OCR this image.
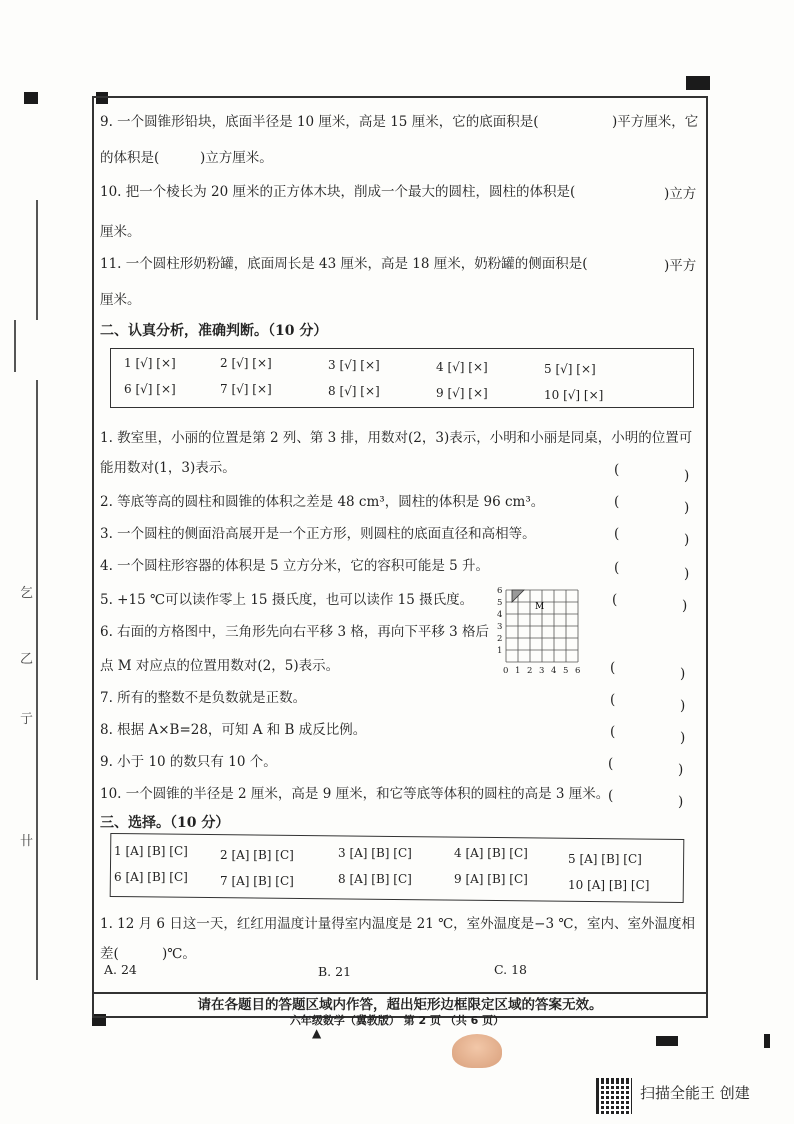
乞
乙
亍
卄
9. 一个圆锥形铅块，底面半径是 10 厘米，高是 15 厘米，它的底面积是(	)平方厘米，它
的体积是(	)立方厘米。
10. 把一个棱长为 20 厘米的正方体木块，削成一个最大的圆柱，圆柱的体积是(	)立方
厘米。
11. 一个圆柱形奶粉罐，底面周长是 43 厘米，高是 18 厘米，奶粉罐的侧面积是(	)平方
厘米。
二、认真分析，准确判断。（10 分）
1 [√] [×]	2 [√] [×]	3 [√] [×]	4 [√] [×]	5 [√] [×]
6 [√] [×]	7 [√] [×]	8 [√] [×]	9 [√] [×]	10 [√] [×]
1. 教室里，小丽的位置是第 2 列、第 3 排，用数对(2，3)表示，小明和小丽是同桌，小明的位置可
能用数对(1，3)表示。
2. 等底等高的圆柱和圆锥的体积之差是 48 cm³，圆柱的体积是 96 cm³。
3. 一个圆柱的侧面沿高展开是一个正方形，则圆柱的底面直径和高相等。
4. 一个圆柱形容器的体积是 5 立方分米，它的容积可能是 5 升。
5. +15 ℃可以读作零上 15 摄氏度，也可以读作 15 摄氏度。
6. 右面的方格图中，三角形先向右平移 3 格，再向下平移 3 格后
点 M 对应点的位置用数对(2，5)表示。
7. 所有的整数不是负数就是正数。
8. 根据 A×B=28，可知 A 和 B 成反比例。
9. 小于 10 的数只有 10 个。
10. 一个圆锥的半径是 2 厘米，高是 9 厘米，和它等底等体积的圆柱的高是 3 厘米。
(	)
(	)
(	)
(	)
(	)
(	)
(	)
(	)
(	)
(	)
M
6
5
4
3
2
1
0 1 2 3 4 5 6
三、选择。（10 分）
1 [A] [B] [C]	2 [A] [B] [C]	3 [A] [B] [C]	4 [A] [B] [C]	5 [A] [B] [C]
6 [A] [B] [C]	7 [A] [B] [C]	8 [A] [B] [C]	9 [A] [B] [C]	10 [A] [B] [C]
1. 12 月 6 日这一天，红红用温度计量得室内温度是 21 ℃，室外温度是−3 ℃，室内、室外温度相
差(	)℃。
A. 24	B. 21	C. 18
请在各题目的答题区域内作答，超出矩形边框限定区域的答案无效。
六年级数学（冀教版） 第 2 页 （共 6 页）
▲
扫描全能王 创建
